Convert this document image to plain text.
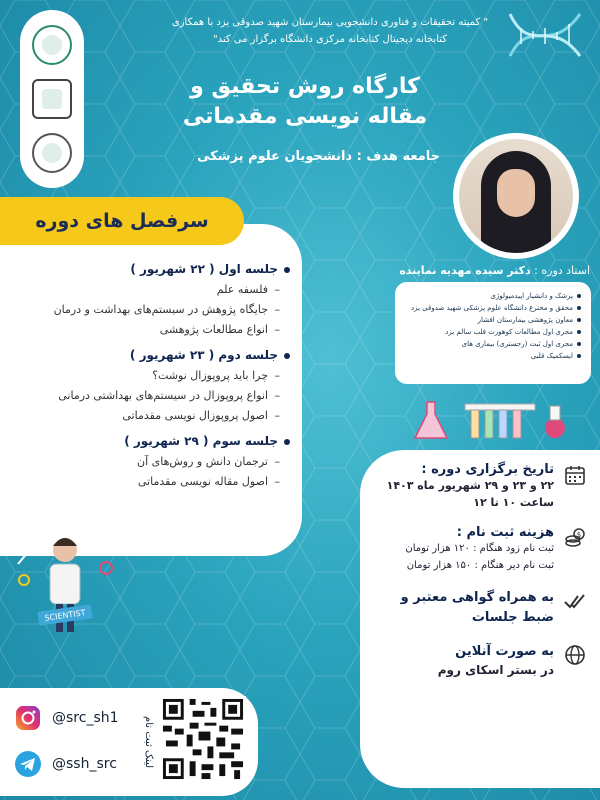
" کمیته تحقیقات و فناوری دانشجویی بیمارستان شهید صدوقی یزد با همکاری
کتابخانه دیجیتال کتابخانه مرکزی دانشگاه برگزار می کند"
کارگاه روش تحقیق و
مقاله نویسی مقدماتی
جامعه هدف : دانشجویان علوم پزشکی
استاد دوره : دکتر سیده مهدیه نماینده
پزشک و دانشیار اپیدمیولوژی
محقق و مخترع دانشگاه علوم پزشکی شهید صدوقی یزد
معاون پژوهشی بیمارستان افشار
مجری اول مطالعات کوهورت قلب سالم یزد
مجری اول ثبت (رجستری) بیماری های
ایسکمیک قلبی
جلسه اول ( ۲۲ شهریور )
– فلسفه علم
– جایگاه پژوهش در سیستم‌های بهداشت و درمان
– انواع مطالعات پژوهشی
جلسه دوم ( ۲۳ شهریور )
– چرا باید پروپوزال نوشت؟
– انواع پروپوزال در سیستم‌های بهداشتی درمانی
– اصول پروپوزال نویسی مقدماتی
جلسه سوم ( ۲۹ شهریور )
– ترجمان دانش و روش‌های آن
– اصول مقاله نویسی مقدماتی
سرفصل های دوره
SCIENTIST
تاریخ برگزاری دوره :
۲۲ و ۲۳ و ۲۹ شهریور ماه ۱۴۰۳
ساعت ۱۰ تا ۱۲
$
هزینه ثبت نام :
ثبت نام زود هنگام : ۱۲۰ هزار تومان
ثبت نام دیر هنگام : ۱۵۰ هزار تومان
به همراه گواهی معتبر و
ضبط جلسات
به صورت آنلاین
در بستر اسکای روم
@src_sh1
@ssh_src	لینک ثبت نام
